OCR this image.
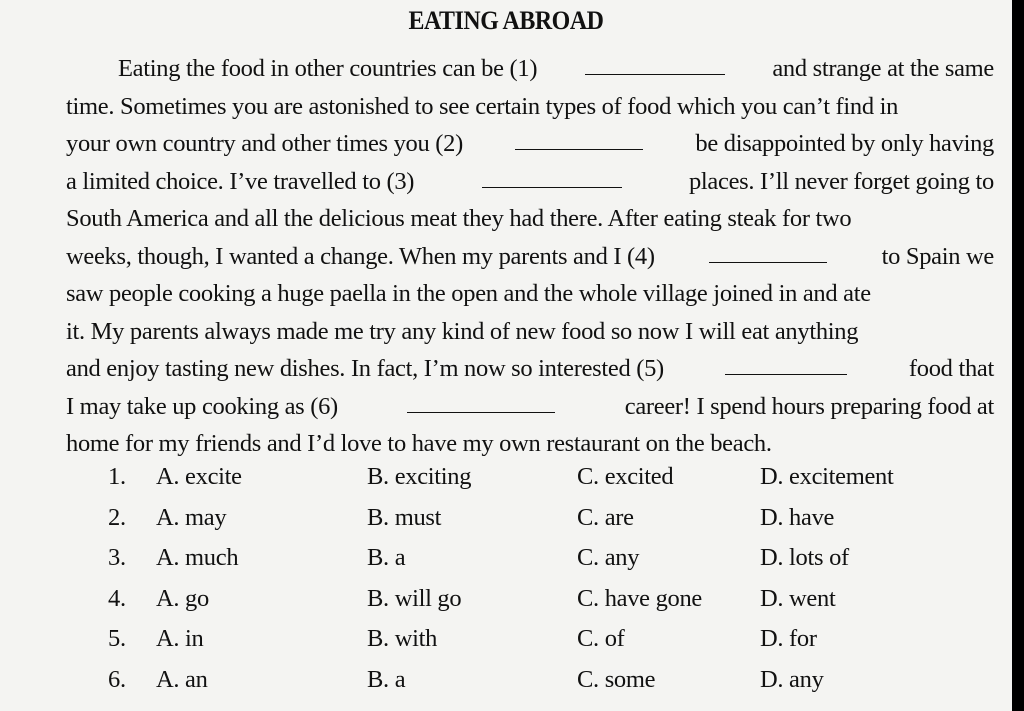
EATING ABROAD
Eating the food in other countries can be (1)	and strange at the same
time. Sometimes you are astonished to see certain types of food which you can’t find in
your own country and other times you (2)	be disappointed by only having
a limited choice. I’ve travelled to (3)	places. I’ll never forget going to
South America and all the delicious meat they had there. After eating steak for two
weeks, though, I wanted a change. When my parents and I (4)	to Spain we
saw people cooking a huge paella in the open and the whole village joined in and ate
it. My parents always made me try any kind of new food so now I will eat anything
and enjoy tasting new dishes. In fact, I’m now so interested (5)	food that
I may take up cooking as (6)	career! I spend hours preparing food at
home for my friends and I’d love to have my own restaurant on the beach.
1. A. excite	B. exciting	C. excited	D. excitement
2. A. may	B. must	C. are	D. have
3. A. much	B. a	C. any	D. lots of
4. A. go	B. will go	C. have gone D. went
5. A. in	B. with	C. of	D. for
6. A. an	B. a	C. some	D. any
